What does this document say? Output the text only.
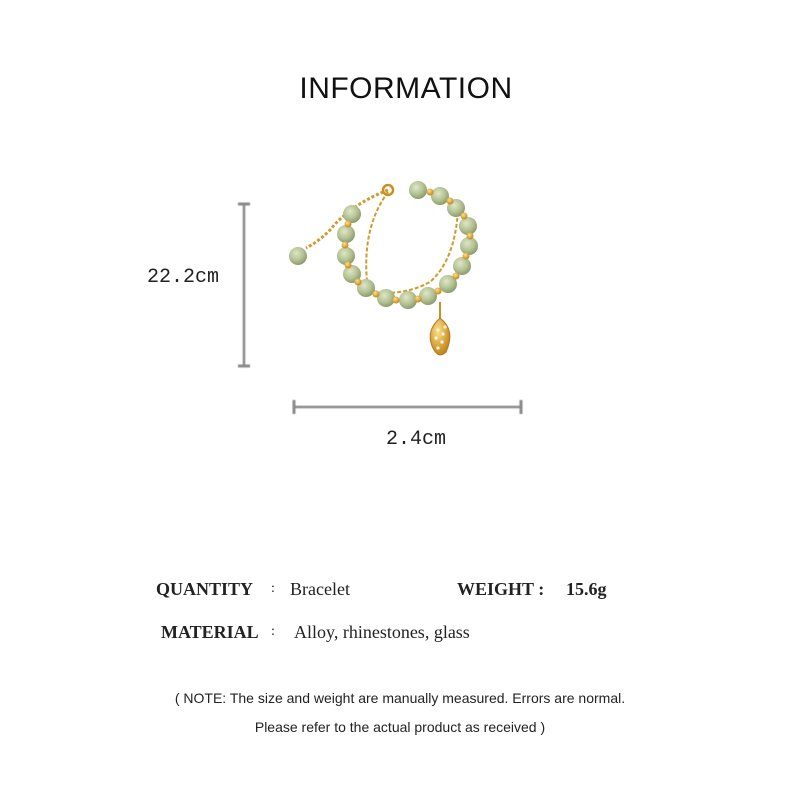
INFORMATION
22.2cm
2.4cm
QUANTITY : Bracelet	WEIGHT : 15.6g
MATERIAL : Alloy, rhinestones, glass
( NOTE: The size and weight are manually measured. Errors are normal.
Please refer to the actual product as received )
